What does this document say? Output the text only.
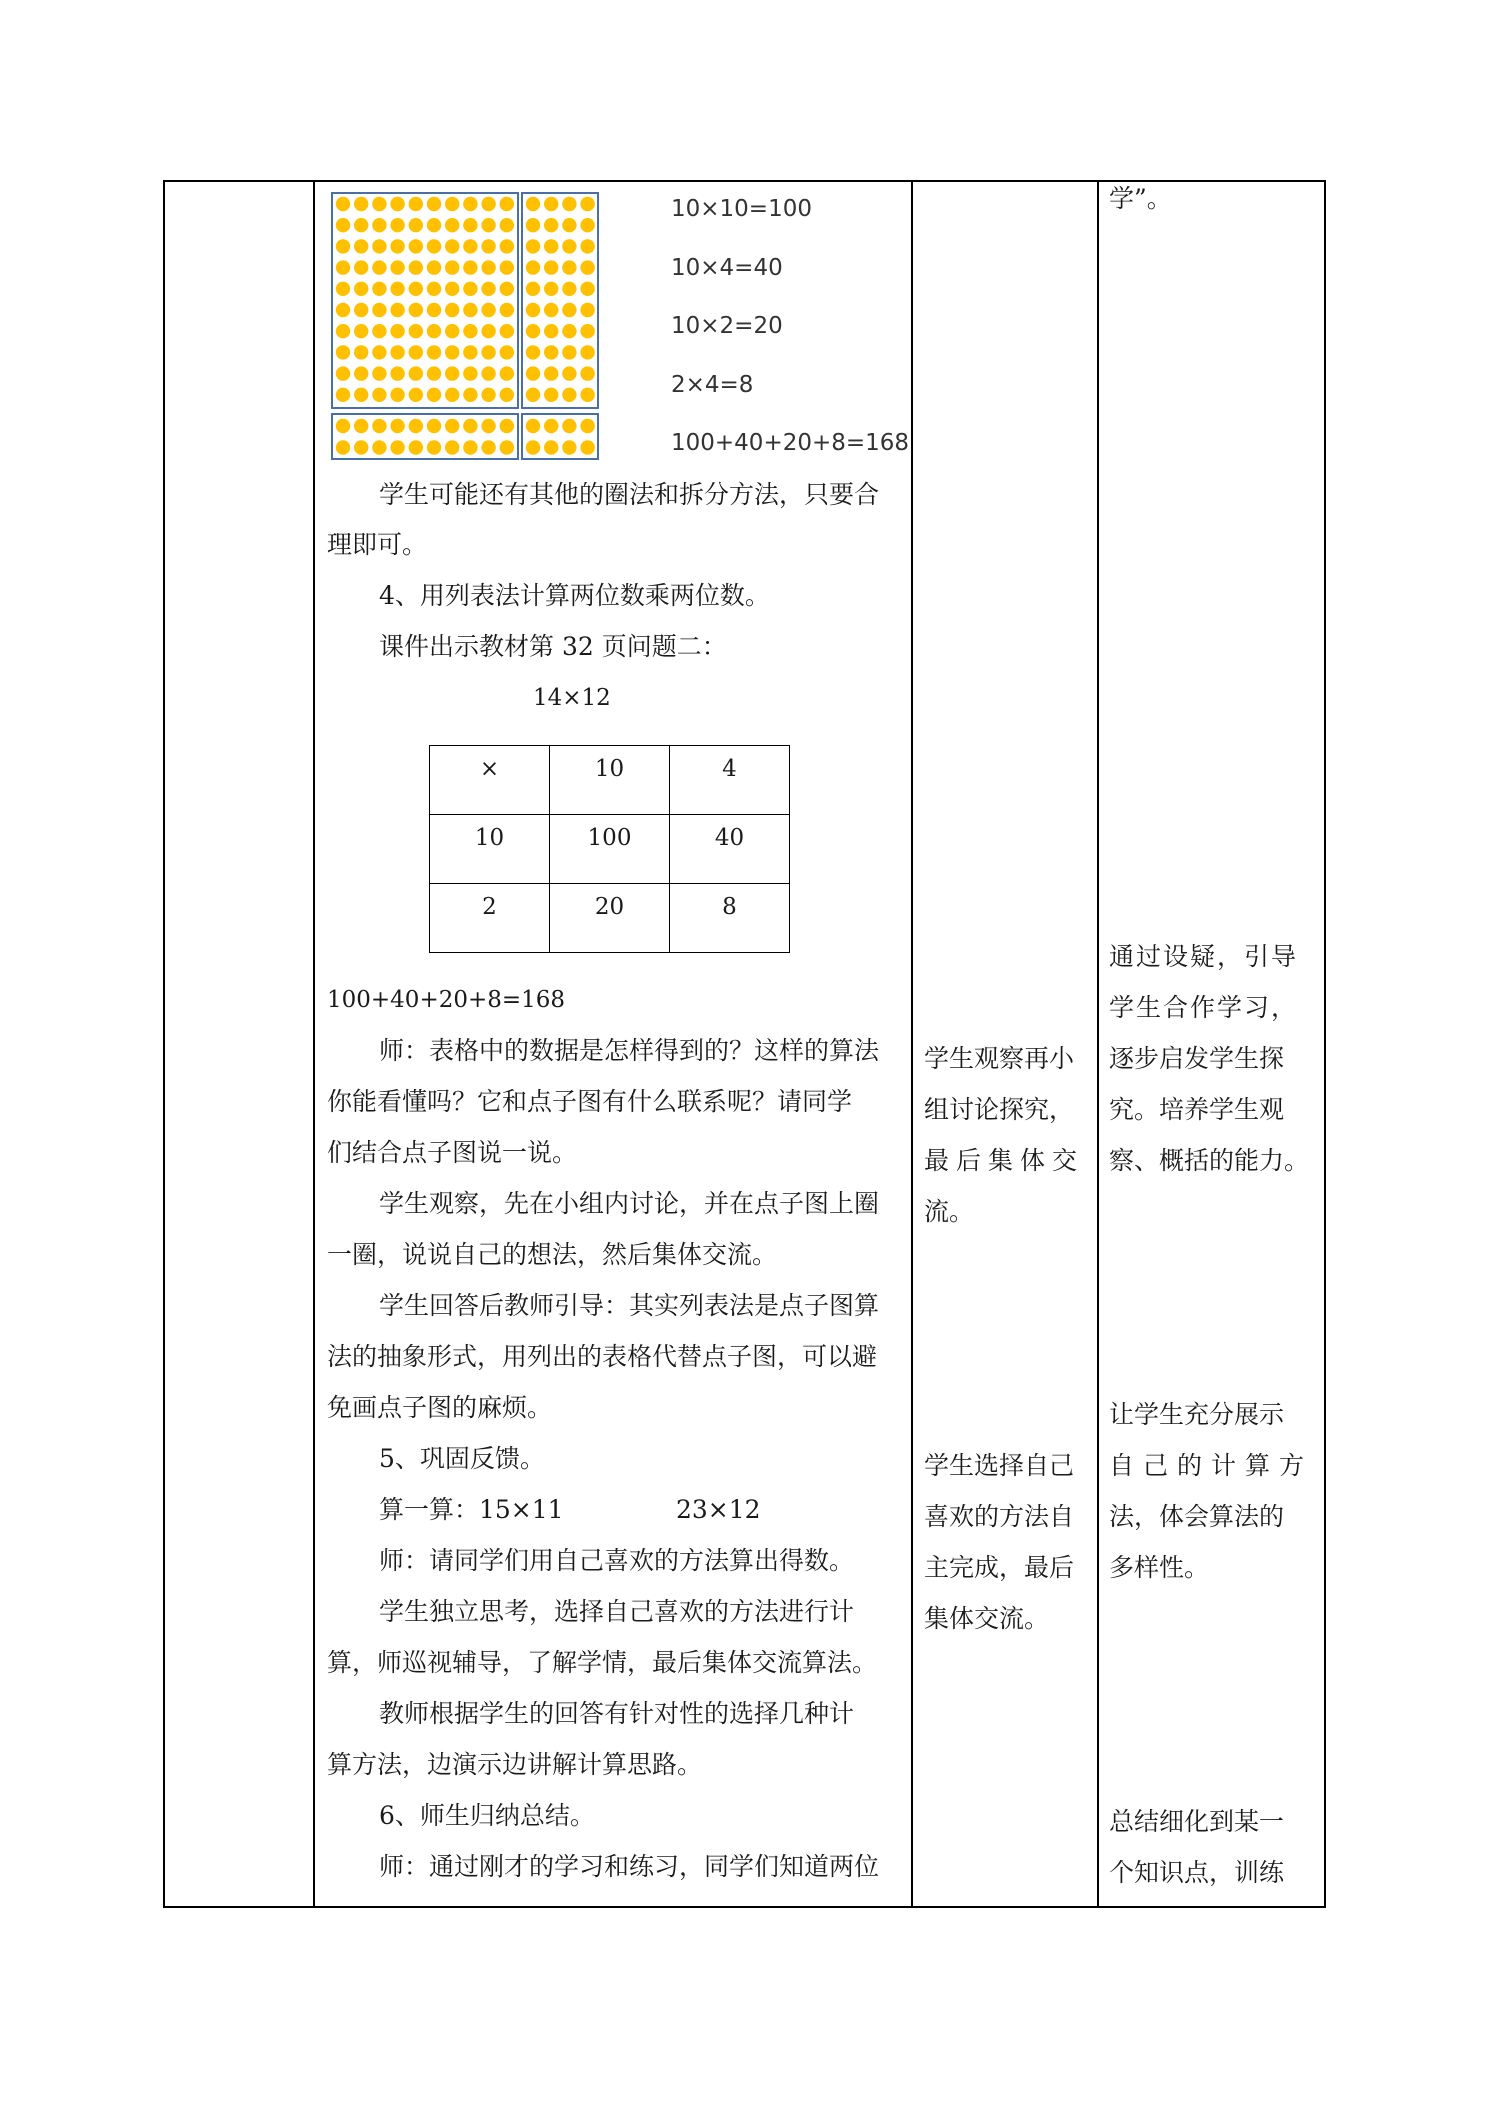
10×10=100
10×4=40
10×2=20
2×4=8
100+40+20+8=168
学生可能还有其他的圈法和拆分方法，只要合
理即可。
4、用列表法计算两位数乘两位数。
课件出示教材第 32 页问题二：
14×12
×	10	4
10	100	40
2	20	8
100+40+20+8=168
师：表格中的数据是怎样得到的？这样的算法
你能看懂吗？它和点子图有什么联系呢？请同学
们结合点子图说一说。
学生观察，先在小组内讨论，并在点子图上圈
一圈，说说自己的想法，然后集体交流。
学生回答后教师引导：其实列表法是点子图算
法的抽象形式，用列出的表格代替点子图，可以避
免画点子图的麻烦。
5、巩固反馈。
算一算：15×11	23×12
师：请同学们用自己喜欢的方法算出得数。
学生独立思考，选择自己喜欢的方法进行计
算，师巡视辅导，了解学情，最后集体交流算法。
教师根据学生的回答有针对性的选择几种计
算方法，边演示边讲解计算思路。
6、师生归纳总结。
师：通过刚才的学习和练习，同学们知道两位
学生观察再小
组讨论探究，
最后集体交
流。
学生选择自己
喜欢的方法自
主完成，最后
集体交流。
学”。
通过设疑，引导
学生合作学习，
逐步启发学生探
究。培养学生观
察、概括的能力。
让学生充分展示
自己的计算方
法，体会算法的
多样性。
总结细化到某一
个知识点，训练
